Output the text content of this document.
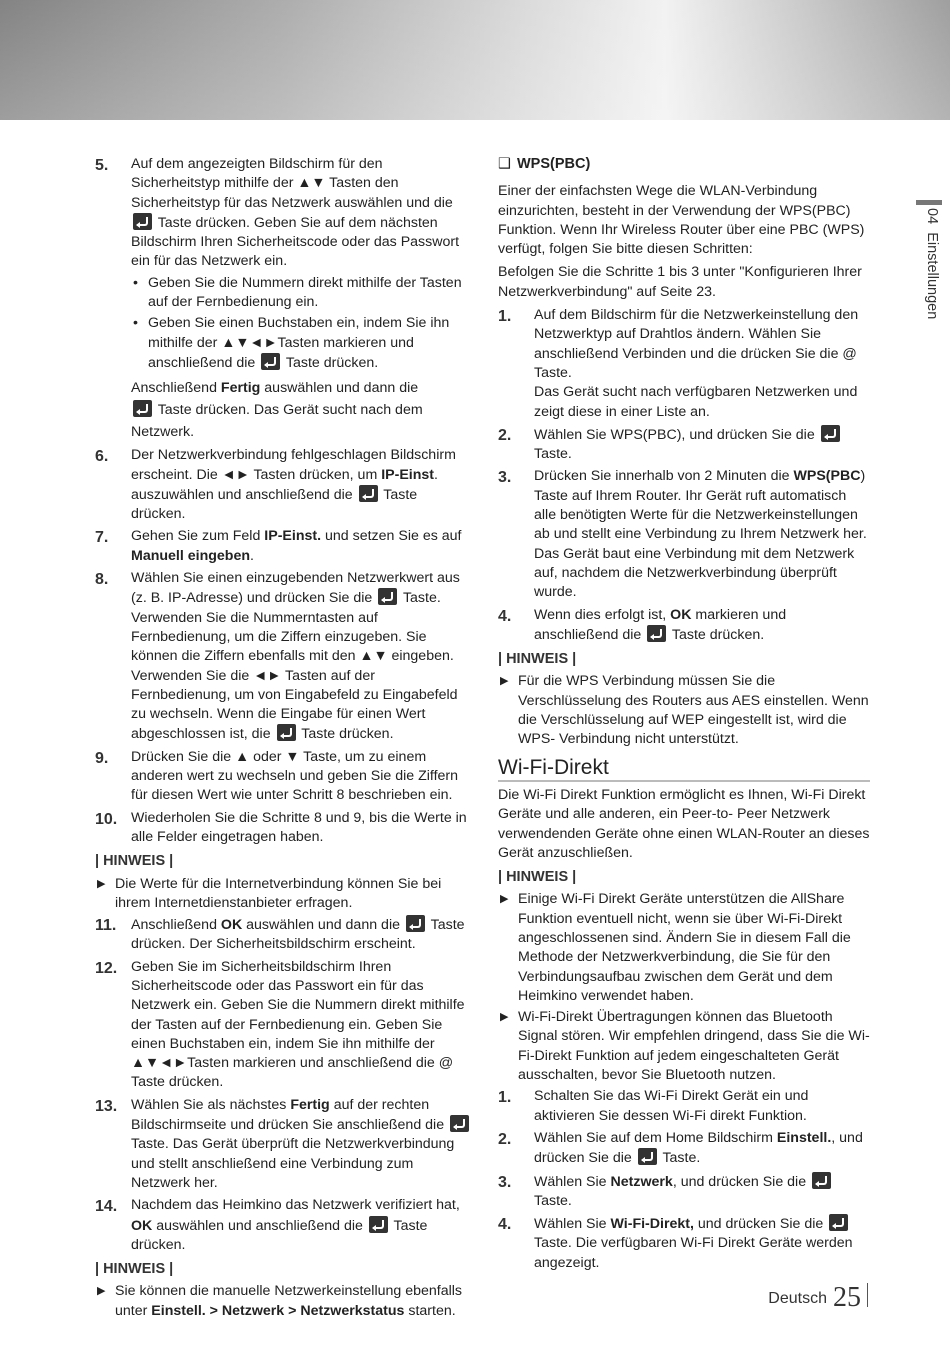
5. Auf dem angezeigten Bildschirm für den Sicherheitstyp mithilfe der ▲▼ Tasten den Sicherheitstyp für das Netzwerk auswählen und die  Taste drücken. Geben Sie auf dem nächsten Bildschirm Ihren Sicherheitscode oder das Passwort ein für das Netzwerk ein.
• Geben Sie die Nummern direkt mithilfe der Tasten auf der Fernbedienung ein.
• Geben Sie einen Buchstaben ein, indem Sie ihn mithilfe der ▲▼◄►Tasten markieren und anschließend die Taste drücken.
Anschließend Fertig auswählen und dann die
Taste drücken. Das Gerät sucht nach dem Netzwerk.
6. Der Netzwerkverbindung fehlgeschlagen Bildschirm erscheint. Die ◄► Tasten drücken, um IP-Einst. auszuwählen und anschließend die Taste drücken.
7. Gehen Sie zum Feld IP-Einst. und setzen Sie es auf Manuell eingeben.
8. Wählen Sie einen einzugebenden Netzwerkwert aus (z. B. IP-Adresse) und drücken Sie die Taste. Verwenden Sie die Nummerntasten auf Fernbedienung, um die Ziffern einzugeben. Sie können die Ziffern ebenfalls mit den ▲▼ eingeben. Verwenden Sie die ◄► Tasten auf der Fernbedienung, um von Eingabefeld zu Eingabefeld zu wechseln. Wenn die Eingabe für einen Wert abgeschlossen ist, die Taste drücken.
9. Drücken Sie die ▲ oder ▼ Taste, um zu einem anderen wert zu wechseln und geben Sie die Ziffern für diesen Wert wie unter Schritt 8 beschrieben ein.
10. Wiederholen Sie die Schritte 8 und 9, bis die Werte in alle Felder eingetragen haben.
| HINWEIS |
▶ Die Werte für die Internetverbindung können Sie bei ihrem Internetdienstanbieter erfragen.
11. Anschließend OK auswählen und dann die Taste drücken. Der Sicherheitsbildschirm erscheint.
12. Geben Sie im Sicherheitsbildschirm Ihren Sicherheitscode oder das Passwort ein für das Netzwerk ein. Geben Sie die Nummern direkt mithilfe der Tasten auf der Fernbedienung ein. Geben Sie einen Buchstaben ein, indem Sie ihn mithilfe der ▲▼◄►Tasten markieren und anschließend die @ Taste drücken.
13. Wählen Sie als nächstes Fertig auf der rechten Bildschirmseite und drücken Sie anschließend die  Taste. Das Gerät überprüft die Netzwerkverbindung und stellt anschließend eine Verbindung zum Netzwerk her.
14. Nachdem das Heimkino das Netzwerk verifiziert hat, OK auswählen und anschließend die Taste drücken.
| HINWEIS |
▶ Sie können die manuelle Netzwerkeinstellung ebenfalls unter Einstell. > Netzwerk > Netzwerkstatus starten.
❑ WPS(PBC)
Einer der einfachsten Wege die WLAN-Verbindung einzurichten, besteht in der Verwendung der WPS(PBC) Funktion. Wenn Ihr Wireless Router über eine PBC (WPS) verfügt, folgen Sie bitte diesen Schritten:
Befolgen Sie die Schritte 1 bis 3 unter "Konfigurieren Ihrer Netzwerkverbindung" auf Seite 23.
1. Auf dem Bildschirm für die Netzwerkeinstellung den Netzwerktyp auf Drahtlos ändern. Wählen Sie anschließend Verbinden und die drücken Sie die @ Taste.
Das Gerät sucht nach verfügbaren Netzwerken und zeigt diese in einer Liste an.
2. Wählen Sie WPS(PBC), und drücken Sie die  Taste.
3. Drücken Sie innerhalb von 2 Minuten die WPS(PBC) Taste auf Ihrem Router. Ihr Gerät ruft automatisch alle benötigten Werte für die Netzwerkeinstellungen ab und stellt eine Verbindung zu Ihrem Netzwerk her. Das Gerät baut eine Verbindung mit dem Netzwerk auf, nachdem die Netzwerkverbindung überprüft wurde.
4. Wenn dies erfolgt ist, OK markieren und anschließend die Taste drücken.
| HINWEIS |
▶ Für die WPS Verbindung müssen Sie die Verschlüsselung des Routers aus AES einstellen. Wenn die Verschlüsselung auf WEP eingestellt ist, wird die WPS- Verbindung nicht unterstützt.
Wi-Fi-Direkt
Die Wi-Fi Direkt Funktion ermöglicht es Ihnen, Wi-Fi Direkt Geräte und alle anderen, ein Peer-to- Peer Netzwerk verwendenden Geräte ohne einen WLAN-Router an dieses Gerät anzuschließen.
| HINWEIS |
▶ Einige Wi-Fi Direkt Geräte unterstützen die AllShare Funktion eventuell nicht, wenn sie über Wi-Fi-Direkt angeschlossenen sind. Ändern Sie in diesem Fall die Methode der Netzwerkverbindung, die Sie für den Verbindungsaufbau zwischen dem Gerät und dem Heimkino verwendet haben.
▶ Wi-Fi-Direkt Übertragungen können das Bluetooth Signal stören. Wir empfehlen dringend, dass Sie die Wi-Fi-Direkt Funktion auf jedem eingeschalteten Gerät ausschalten, bevor Sie Bluetooth nutzen.
1. Schalten Sie das Wi-Fi Direkt Gerät ein und aktivieren Sie dessen Wi-Fi direkt Funktion.
2. Wählen Sie auf dem Home Bildschirm Einstell., und drücken Sie die Taste.
3. Wählen Sie Netzwerk, und drücken Sie die  Taste.
4. Wählen Sie Wi-Fi-Direkt, und drücken Sie die  Taste. Die verfügbaren Wi-Fi Direkt Geräte werden angezeigt.
04  Einstellungen
Deutsch 25
